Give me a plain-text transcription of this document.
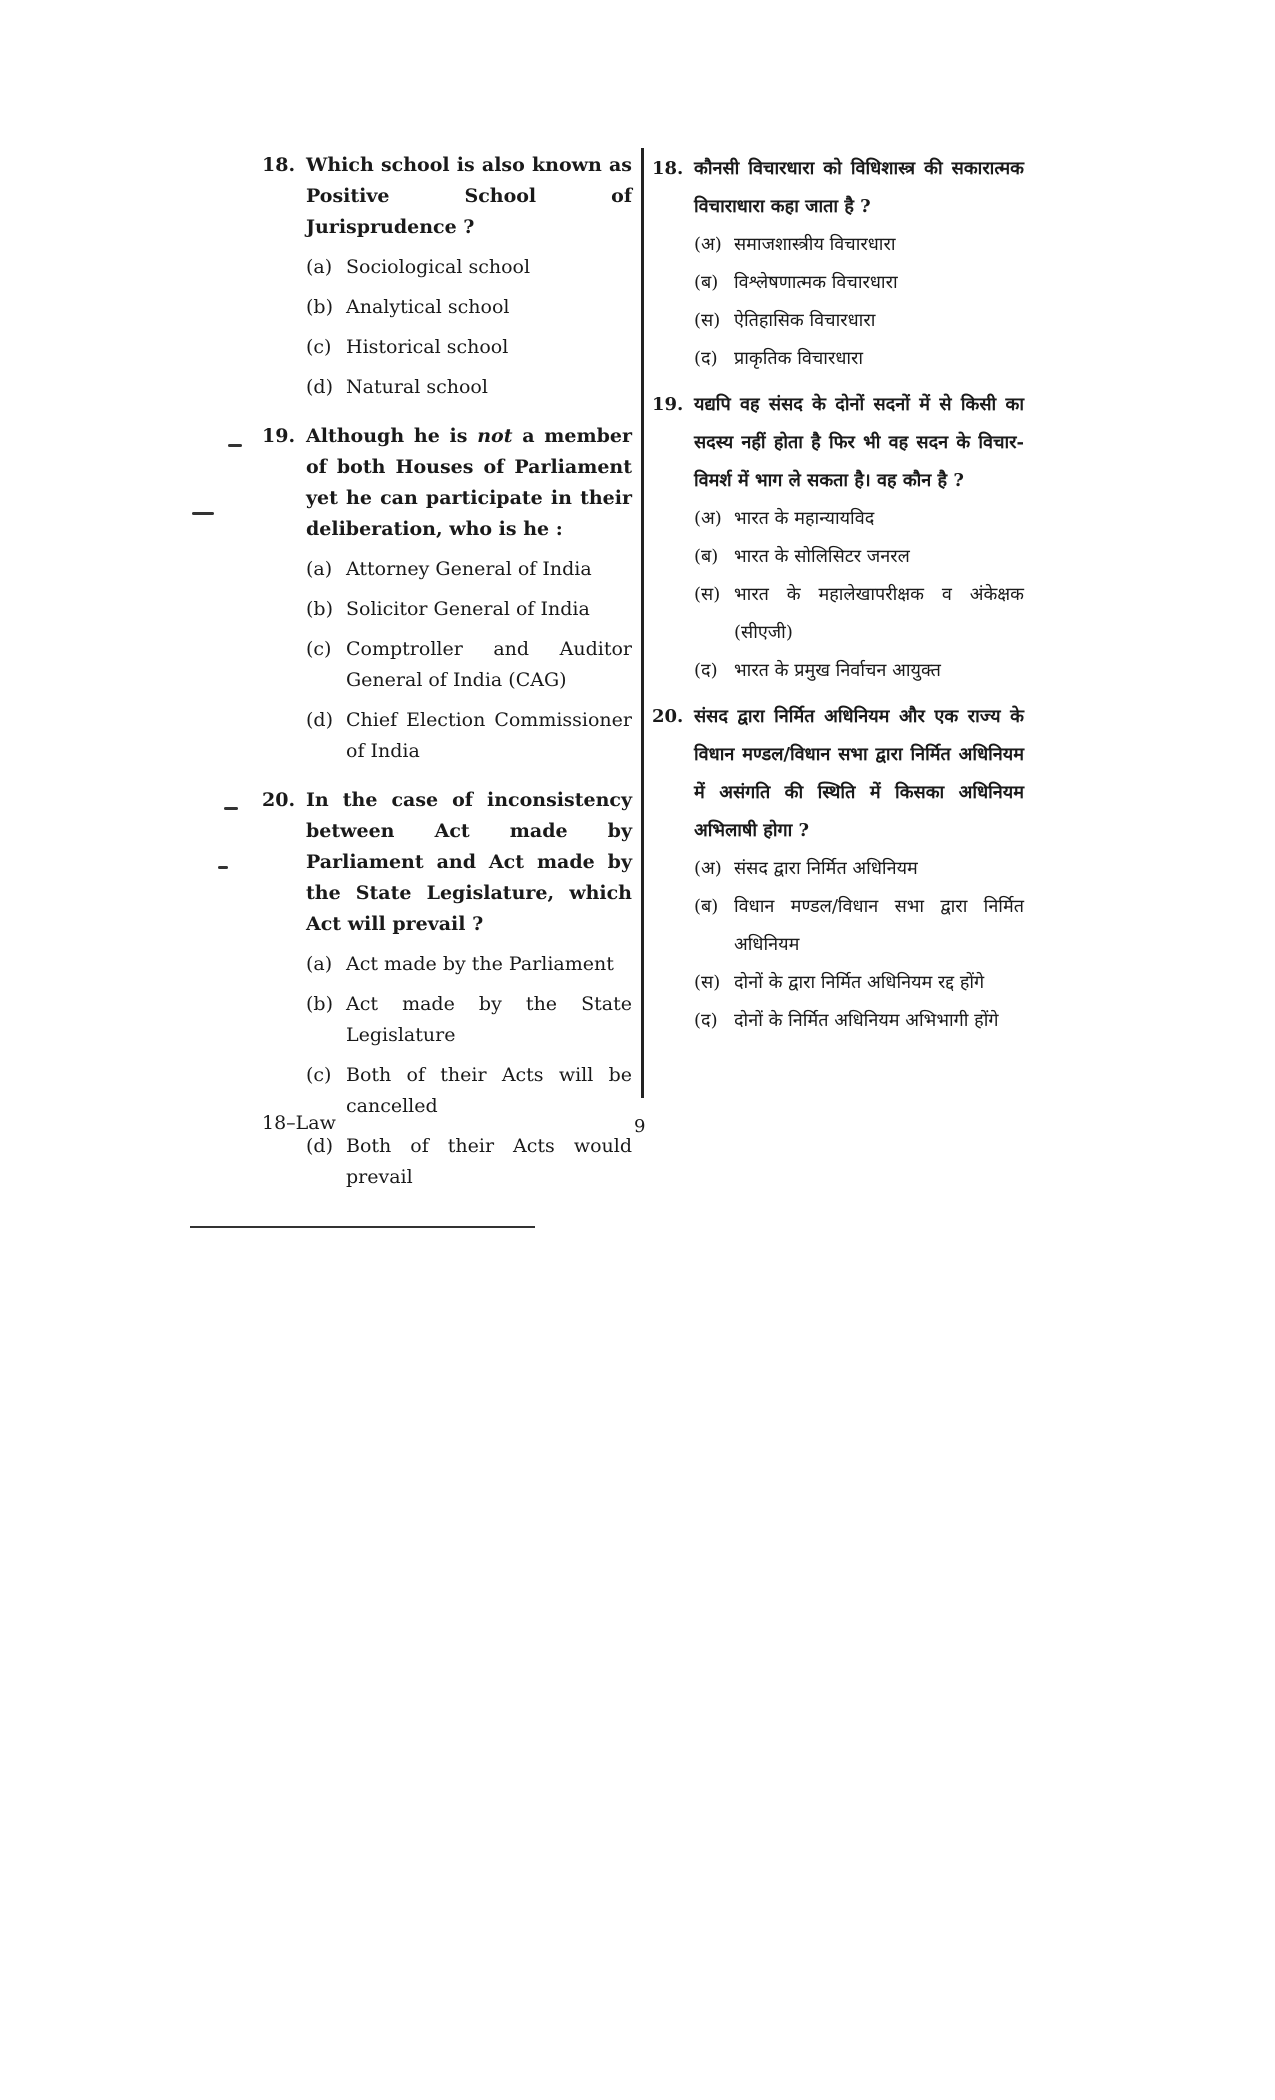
18. Which school is also known as Positive School of Jurisprudence ?
(a) Sociological school
(b) Analytical school
(c) Historical school
(d) Natural school
19. Although he is not a member of both Houses of Parliament yet he can participate in their deliberation, who is he :
(a) Attorney General of India
(b) Solicitor General of India
(c) Comptroller and Auditor General of India (CAG)
(d) Chief Election Commissioner of India
20. In the case of inconsistency between Act made by Parliament and Act made by the State Legislature, which Act will prevail ?
(a) Act made by the Parliament
(b) Act made by the State Legislature
(c) Both of their Acts will be cancelled
(d) Both of their Acts would prevail
18. कौनसी विचारधारा को विधिशास्त्र की सकारात्मक विचाराधारा कहा जाता है ?
(अ) समाजशास्त्रीय विचारधारा
(ब) विश्लेषणात्मक विचारधारा
(स) ऐतिहासिक विचारधारा
(द) प्राकृतिक विचारधारा
19. यद्यपि वह संसद के दोनों सदनों में से किसी का सदस्य नहीं होता है फिर भी वह सदन के विचार-विमर्श में भाग ले सकता है। वह कौन है ?
(अ) भारत के महान्यायविद
(ब) भारत के सोलिसिटर जनरल
(स) भारत के महालेखापरीक्षक व अंकेक्षक (सीएजी)
(द) भारत के प्रमुख निर्वाचन आयुक्त
20. संसद द्वारा निर्मित अधिनियम और एक राज्य के विधान मण्डल/विधान सभा द्वारा निर्मित अधिनियम में असंगति की स्थिति में किसका अधिनियम अभिलाषी होगा ?
(अ) संसद द्वारा निर्मित अधिनियम
(ब) विधान मण्डल/विधान सभा द्वारा निर्मित अधिनियम
(स) दोनों के द्वारा निर्मित अधिनियम रद्द होंगे
(द) दोनों के निर्मित अधिनियम अभिभागी होंगे
18–Law	9
